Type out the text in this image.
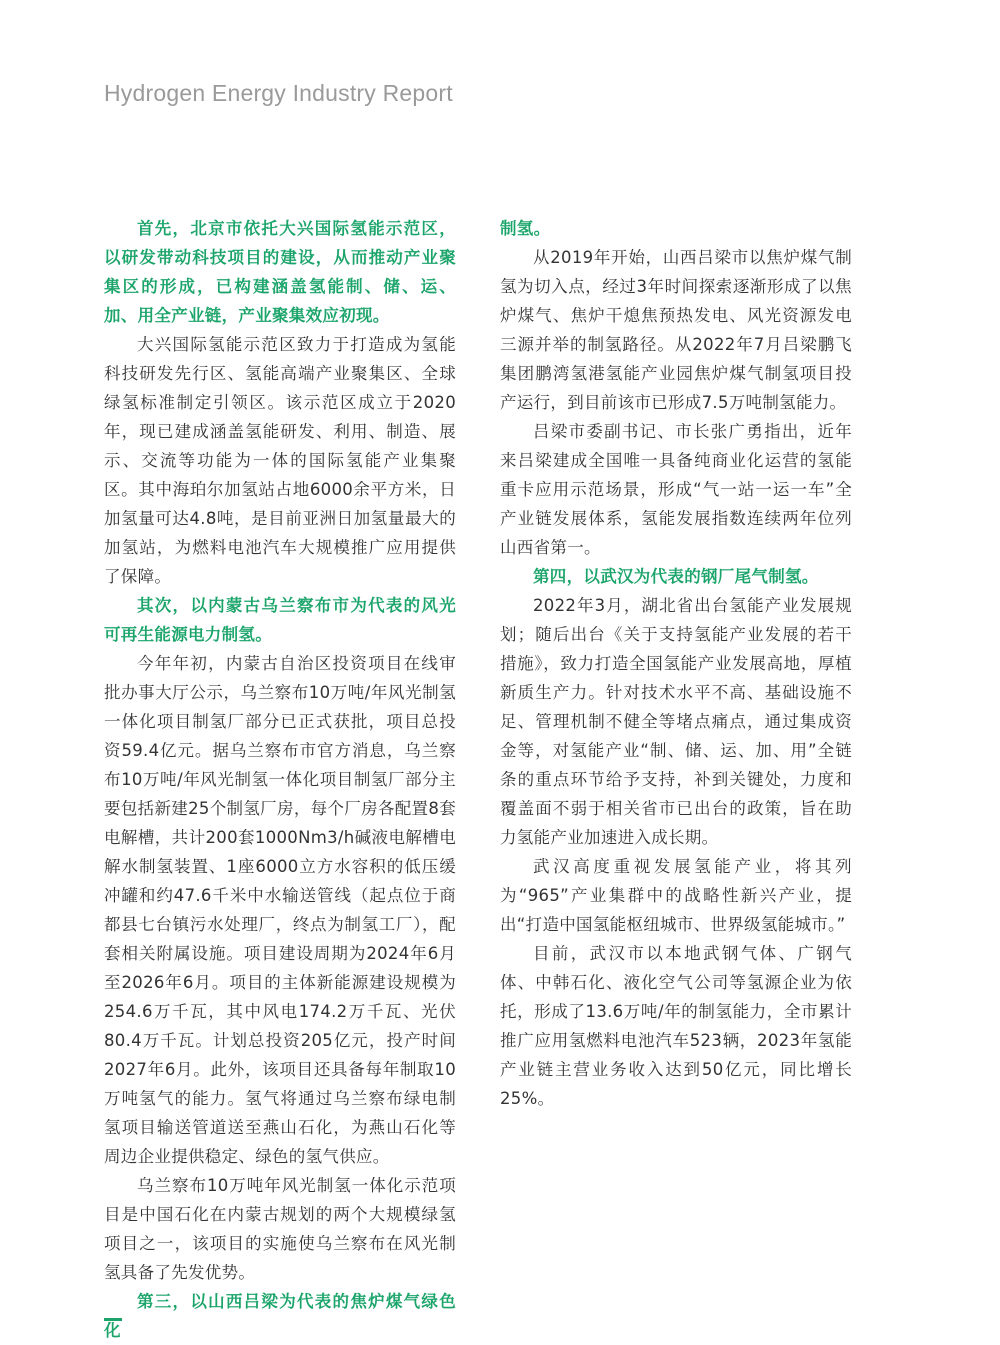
Hydrogen Energy Industry Report

首先，北京市依托大兴国际氢能示范区，以研发带动科技项目的建设，从而推动产业聚集区的形成，已构建涵盖氢能制、储、运、加、用全产业链，产业聚集效应初现。

大兴国际氢能示范区致力于打造成为氢能科技研发先行区、氢能高端产业聚集区、全球绿氢标准制定引领区。该示范区成立于2020年，现已建成涵盖氢能研发、利用、制造、展示、交流等功能为一体的国际氢能产业集聚区。其中海珀尔加氢站占地6000余平方米，日加氢量可达4.8吨，是目前亚洲日加氢量最大的加氢站，为燃料电池汽车大规模推广应用提供了保障。

其次，以内蒙古乌兰察布市为代表的风光可再生能源电力制氢。

今年年初，内蒙古自治区投资项目在线审批办事大厅公示，乌兰察布10万吨/年风光制氢一体化项目制氢厂部分已正式获批，项目总投资59.4亿元。据乌兰察布市官方消息，乌兰察布10万吨/年风光制氢一体化项目制氢厂部分主要包括新建25个制氢厂房，每个厂房各配置8套电解槽，共计200套1000Nm3/h碱液电解槽电解水制氢装置、1座6000立方水容积的低压缓冲罐和约47.6千米中水输送管线（起点位于商都县七台镇污水处理厂，终点为制氢工厂），配套相关附属设施。项目建设周期为2024年6月至2026年6月。项目的主体新能源建设规模为254.6万千瓦，其中风电174.2万千瓦、光伏80.4万千瓦。计划总投资205亿元，投产时间2027年6月。此外，该项目还具备每年制取10万吨氢气的能力。氢气将通过乌兰察布绿电制氢项目输送管道送至燕山石化，为燕山石化等周边企业提供稳定、绿色的氢气供应。

乌兰察布10万吨年风光制氢一体化示范项目是中国石化在内蒙古规划的两个大规模绿氢项目之一，该项目的实施使乌兰察布在风光制氢具备了先发优势。

第三，以山西吕梁为代表的焦炉煤气绿色化

制氢。

从2019年开始，山西吕梁市以焦炉煤气制氢为切入点，经过3年时间探索逐渐形成了以焦炉煤气、焦炉干熄焦预热发电、风光资源发电三源并举的制氢路径。从2022年7月吕梁鹏飞集团鹏湾氢港氢能产业园焦炉煤气制氢项目投产运行，到目前该市已形成7.5万吨制氢能力。

吕梁市委副书记、市长张广勇指出，近年来吕梁建成全国唯一具备纯商业化运营的氢能重卡应用示范场景，形成“气一站一运一车”全产业链发展体系，氢能发展指数连续两年位列山西省第一。

第四，以武汉为代表的钢厂尾气制氢。

2022年3月，湖北省出台氢能产业发展规划；随后出台《关于支持氢能产业发展的若干措施》，致力打造全国氢能产业发展高地，厚植新质生产力。针对技术水平不高、基础设施不足、管理机制不健全等堵点痛点，通过集成资金等，对氢能产业“制、储、运、加、用”全链条的重点环节给予支持，补到关键处，力度和覆盖面不弱于相关省市已出台的政策，旨在助力氢能产业加速进入成长期。

武汉高度重视发展氢能产业，将其列为“965”产业集群中的战略性新兴产业，提出“打造中国氢能枢纽城市、世界级氢能城市。”

目前，武汉市以本地武钢气体、广钢气体、中韩石化、液化空气公司等氢源企业为依托，形成了13.6万吨/年的制氢能力，全市累计推广应用氢燃料电池汽车523辆，2023年氢能产业链主营业务收入达到50亿元，同比增长25%。
